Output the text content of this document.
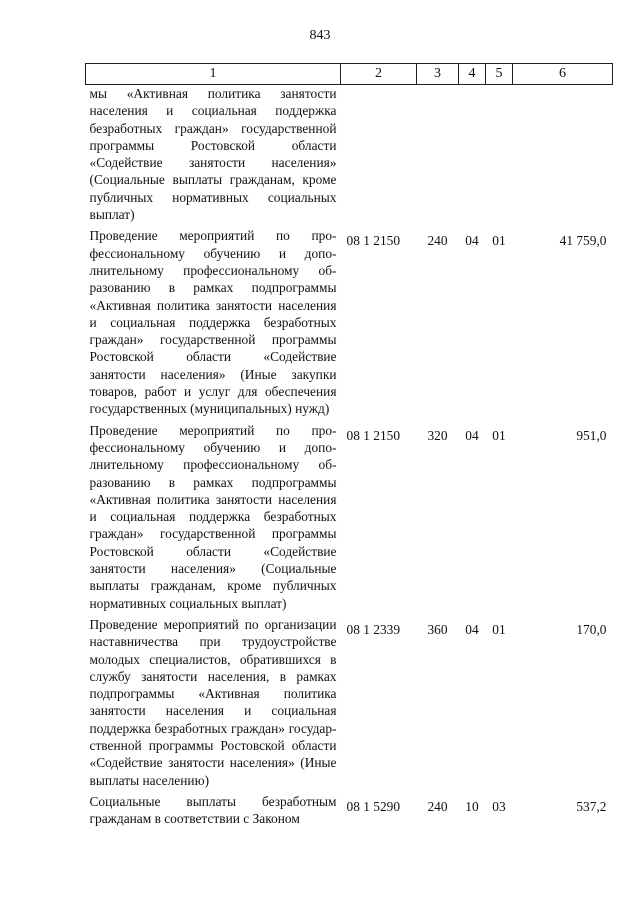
843
1	2	3	4	5	6
мы «Активная политика занятости населения и социальная поддержка безработных граждан» государственной программы Ростовской области «Содействие занятости населения» (Социальные выплаты гражданам, кроме публичных нормативных социальных выплат)					
Проведение мероприятий по профессиональному обучению и дополнительному профессиональному образованию в рамках подпрограммы «Активная политика занятости населения и социальная поддержка безработных граждан» государственной программы Ростовской области «Содействие занятости населения» (Иные закупки товаров, работ и услуг для обеспечения государственных (муниципальных) нужд)	08 1 2150	240	04	01	41 759,0
Проведение мероприятий по профессиональному обучению и дополнительному профессиональному образованию в рамках подпрограммы «Активная политика занятости населения и социальная поддержка безработных граждан» государственной программы Ростовской области «Содействие занятости населения» (Социальные выплаты гражданам, кроме публичных нормативных социальных выплат)	08 1 2150	320	04	01	951,0
Проведение мероприятий по организации наставничества при трудоустройстве молодых специалистов, обратившихся в службу занятости населения, в рамках подпрограммы «Активная политика занятости населения и социальная поддержка безработных граждан» государственной программы Ростовской области «Содействие занятости населения» (Иные выплаты населению)	08 1 2339	360	04	01	170,0
Социальные выплаты безработным гражданам в соответствии с Законом	08 1 5290	240	10	03	537,2
